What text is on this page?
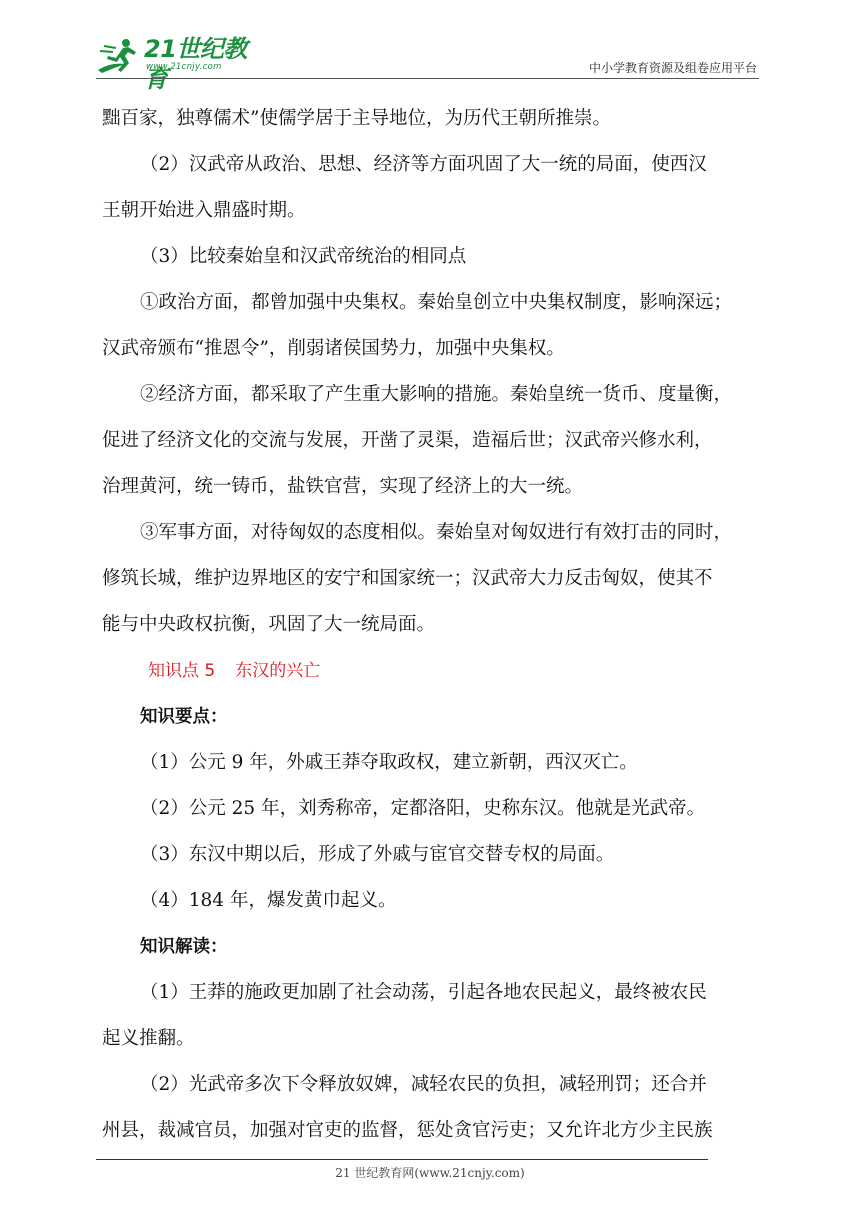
21世纪教育
www.21cnjy.com	中小学教育资源及组卷应用平台

黜百家，独尊儒术”使儒学居于主导地位，为历代王朝所推崇。

（2）汉武帝从政治、思想、经济等方面巩固了大一统的局面，使西汉

王朝开始进入鼎盛时期。

（3）比较秦始皇和汉武帝统治的相同点

①政治方面，都曾加强中央集权。秦始皇创立中央集权制度，影响深远；

汉武帝颁布“推恩令”，削弱诸侯国势力，加强中央集权。

②经济方面，都采取了产生重大影响的措施。秦始皇统一货币、度量衡，

促进了经济文化的交流与发展，开凿了灵渠，造福后世；汉武帝兴修水利，

治理黄河，统一铸币，盐铁官营，实现了经济上的大一统。

③军事方面，对待匈奴的态度相似。秦始皇对匈奴进行有效打击的同时，

修筑长城，维护边界地区的安宁和国家统一；汉武帝大力反击匈奴，使其不

能与中央政权抗衡，巩固了大一统局面。

知识点 5 东汉的兴亡

知识要点：

（1）公元 9 年，外戚王莽夺取政权，建立新朝，西汉灭亡。

（2）公元 25 年，刘秀称帝，定都洛阳，史称东汉。他就是光武帝。

（3）东汉中期以后，形成了外戚与宦官交替专权的局面。

（4）184 年，爆发黄巾起义。

知识解读：

（1）王莽的施政更加剧了社会动荡，引起各地农民起义，最终被农民

起义推翻。

（2）光武帝多次下令释放奴婢，减轻农民的负担，减轻刑罚；还合并

州县，裁减官员，加强对官吏的监督，惩处贪官污吏；又允许北方少主民族

21 世纪教育网(www.21cnjy.com)
